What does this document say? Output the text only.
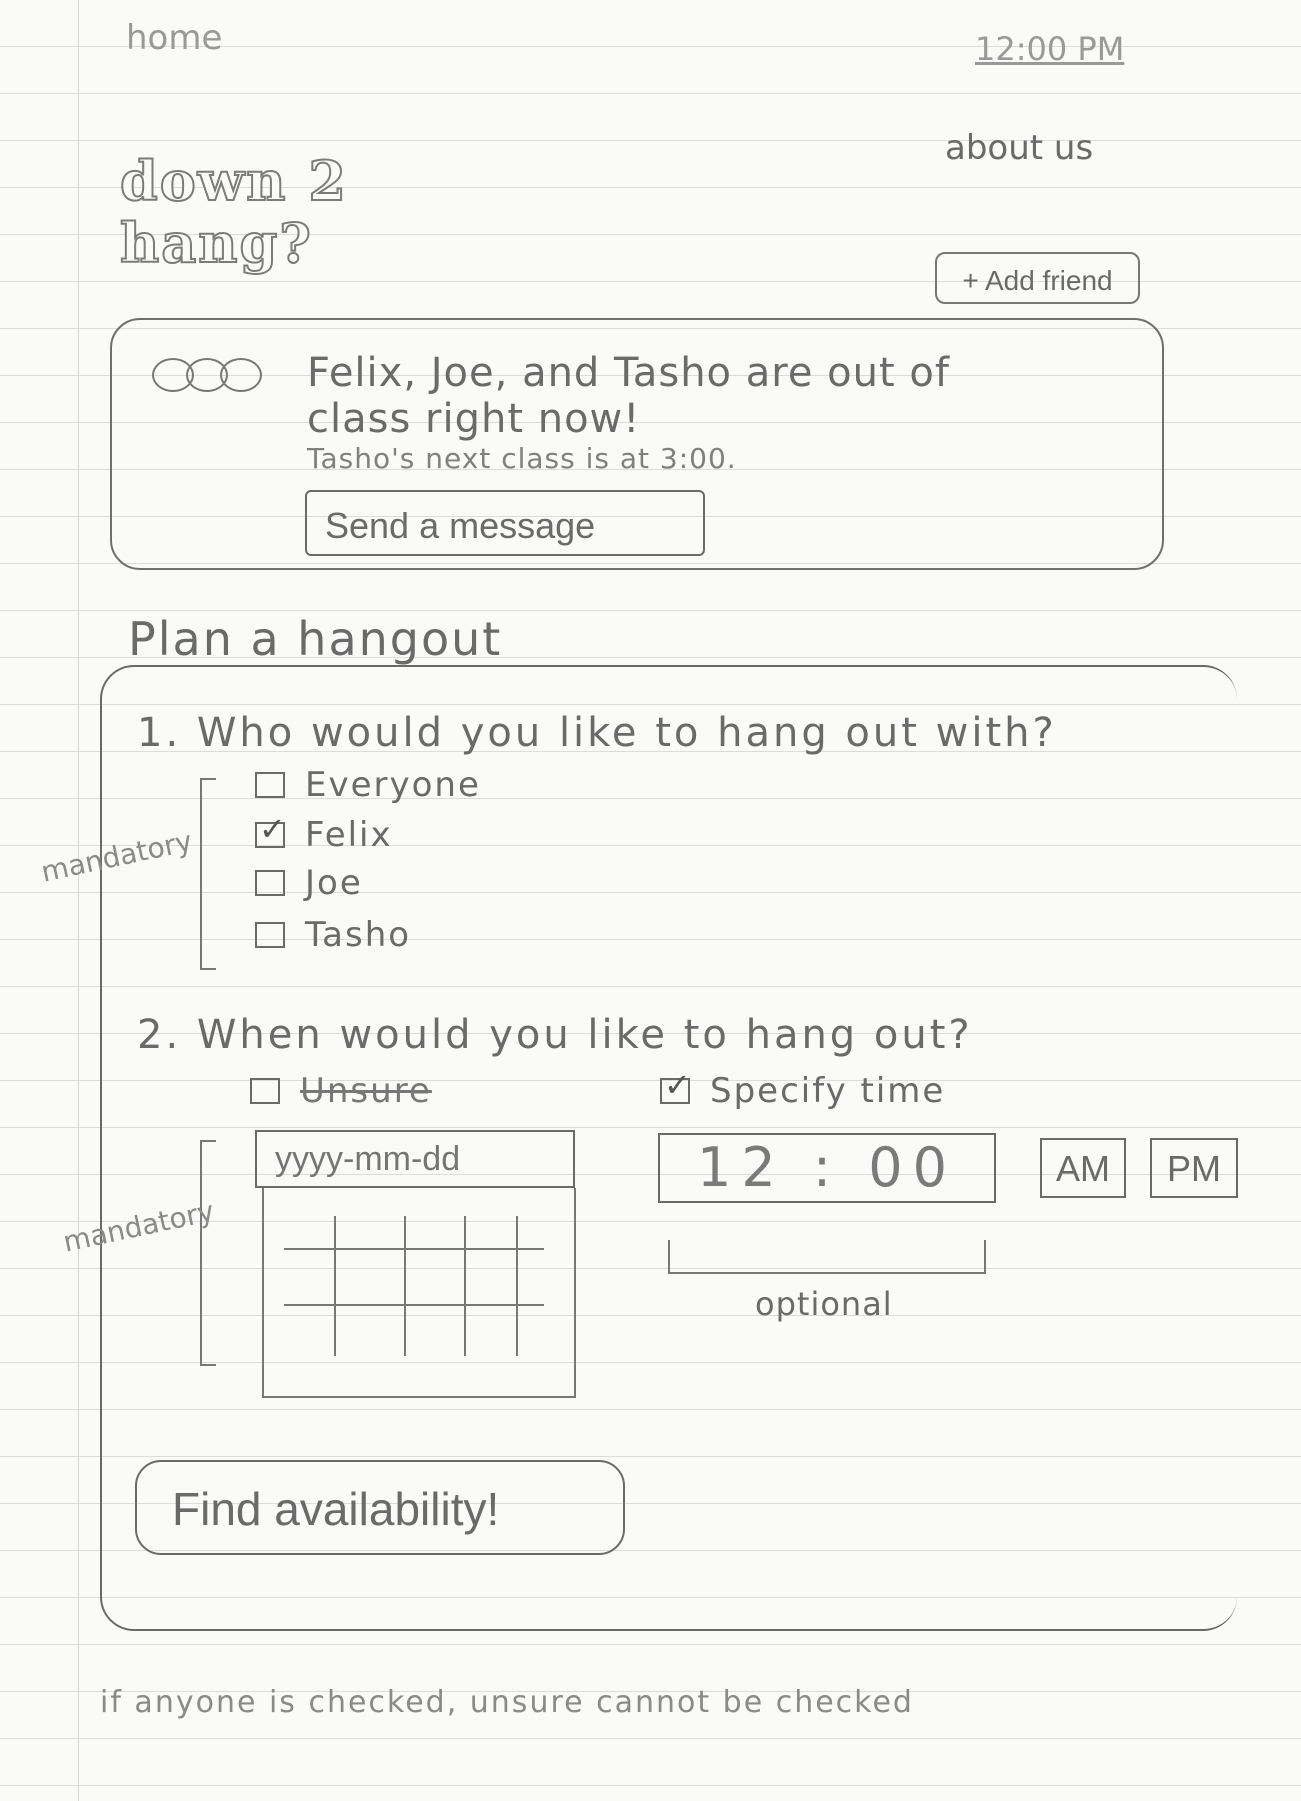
home	12:00 PM
about us
down 2
hang?
+ Add friend
Felix, Joe, and Tasho are out of class right now!
Tasho's next class is at 3:00.
Send a message
Plan a hangout
1. Who would you like to hang out with?
mandatory
Everyone
✓
Felix
Joe
Tasho
2. When would you like to hang out?
Unsure
✓	Specify time
mandatory
yyyy-mm-dd
12 : 00	AM	PM
optional
Find availability!
if anyone is checked, unsure cannot be checked
